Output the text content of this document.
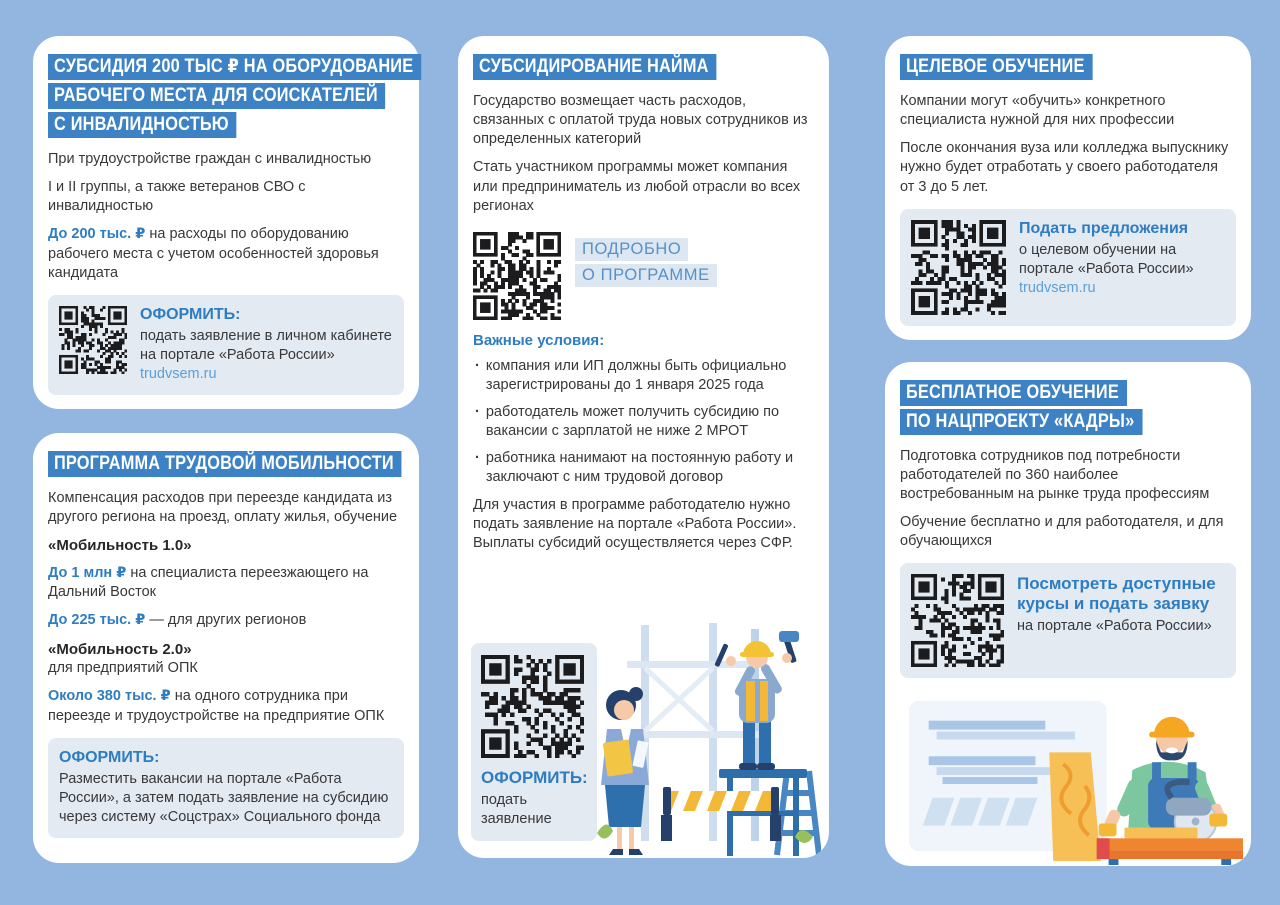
СУБСИДИЯ 200 ТЫС ₽ НА ОБОРУДОВАНИЕ
РАБОЧЕГО МЕСТА ДЛЯ СОИСКАТЕЛЕЙ
С ИНВАЛИДНОСТЬЮ

При трудоустройстве граждан с инвалидностью

I и II группы, а также ветеранов СВО с инвалидностью

До 200 тыс. ₽ на расходы по оборудованию рабочего места с учетом особенностей здоровья кандидата

ОФОРМИТЬ:
подать заявление в личном кабинете на портале «Работа России» trudvsem.ru
ПРОГРАММА ТРУДОВОЙ МОБИЛЬНОСТИ

Компенсация расходов при переезде кандидата из другого региона на проезд, оплату жилья, обучение

«Мобильность 1.0»

До 1 млн ₽ на специалиста переезжающего на Дальний Восток

До 225 тыс. ₽ — для других регионов

«Мобильность 2.0»

для предприятий ОПК

Около 380 тыс. ₽ на одного сотрудника при переезде и трудоустройстве на предприятие ОПК

ОФОРМИТЬ:
Разместить вакансии на портале «Работа России», а затем подать заявление на субсидию через систему «Соцстрах» Социального фонда
СУБСИДИРОВАНИЕ НАЙМА

Государство возмещает часть расходов, связанных с оплатой труда новых сотрудников из определенных категорий

Стать участником программы может компания или предприниматель из любой отрасли во всех регионах

ПОДРОБНО
О ПРОГРАММЕ
Важные условия:
· компания или ИП должны быть официально зарегистрированы до 1 января 2025 года
· работодатель может получить субсидию по вакансии с зарплатой не ниже 2 МРОТ
· работника нанимают на постоянную работу и заключают с ним трудовой договор

Для участия в программе работодателю нужно подать заявление на портале «Работа России». Выплаты субсидий осуществляется через СФР.

ОФОРМИТЬ:
подать заявление
ЦЕЛЕВОЕ ОБУЧЕНИЕ

Компании могут «обучить» конкретного специалиста нужной для них профессии

После окончания вуза или колледжа выпускнику нужно будет отработать у своего работодателя от 3 до 5 лет.

Подать предложения
о целевом обучении на портале «Работа России»
trudvsem.ru
БЕСПЛАТНОЕ ОБУЧЕНИЕ
ПО НАЦПРОЕКТУ «КАДРЫ»

Подготовка сотрудников под потребности работодателей по 360 наиболее востребованным на рынке труда профессиям

Обучение бесплатно и для работодателя, и для обучающихся

Посмотреть доступные курсы и подать заявку
на портале «Работа России»
